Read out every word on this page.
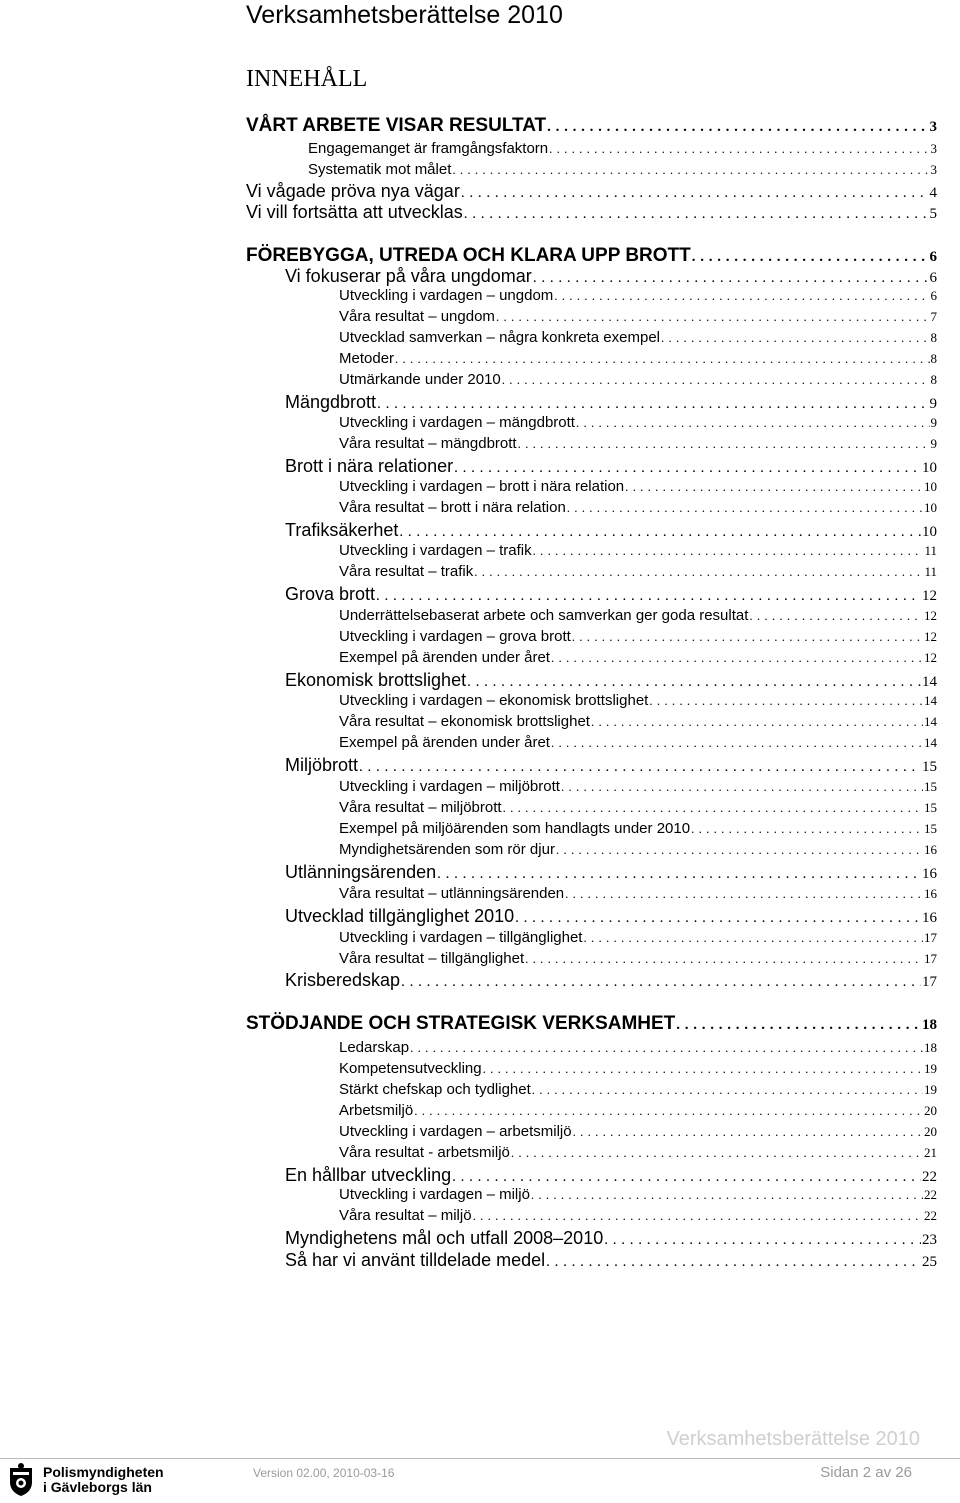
Verksamhetsberättelse 2010
INNEHÅLL
VÅRT ARBETE VISAR RESULTAT . . .	3
Engagemanget är framgångsfaktorn . . .	3
Systematik mot målet . . .	3
Vi vågade pröva nya vägar . . .	4
Vi vill fortsätta att utvecklas . . .	5
FÖREBYGGA, UTREDA OCH KLARA UPP BROTT . . .	6
Vi fokuserar på våra ungdomar . . .	6
Utveckling i vardagen – ungdom . . .	6
Våra resultat – ungdom . . .	7
Utvecklad samverkan – några konkreta exempel . . .	8
Metoder . . .	8
Utmärkande under 2010 . . .	8
Mängdbrott . . .	9
Utveckling i vardagen – mängdbrott . . .	9
Våra resultat – mängdbrott . . .	9
Brott i nära relationer . . .	10
Utveckling i vardagen – brott i nära relation . . .	10
Våra resultat – brott i nära relation . . .	10
Trafiksäkerhet . . .	10
Utveckling i vardagen – trafik . . .	11
Våra resultat – trafik . . .	11
Grova brott . . .	12
Underrättelsebaserat arbete och samverkan ger goda resultat . . .	12
Utveckling i vardagen – grova brott . . .	12
Exempel på ärenden under året . . .	12
Ekonomisk brottslighet . . .	14
Utveckling i vardagen – ekonomisk brottslighet . . .	14
Våra resultat – ekonomisk brottslighet . . .	14
Exempel på ärenden under året . . .	14
Miljöbrott . . .	15
Utveckling i vardagen – miljöbrott . . .	15
Våra resultat – miljöbrott . . .	15
Exempel på miljöärenden som handlagts under 2010 . . .	15
Myndighetsärenden som rör djur . . .	16
Utlänningsärenden . . .	16
Våra resultat – utlänningsärenden . . .	16
Utvecklad tillgänglighet 2010 . . .	16
Utveckling i vardagen – tillgänglighet . . .	17
Våra resultat – tillgänglighet . . .	17
Krisberedskap . . .	17
STÖDJANDE OCH STRATEGISK VERKSAMHET . . .	18
Ledarskap . . .	18
Kompetensutveckling . . .	19
Stärkt chefskap och tydlighet . . .	19
Arbetsmiljö . . .	20
Utveckling i vardagen – arbetsmiljö . . .	20
Våra resultat - arbetsmiljö . . .	21
En hållbar utveckling . . .	22
Utveckling i vardagen – miljö . . .	22
Våra resultat – miljö . . .	22
Myndighetens mål och utfall 2008–2010 . . .	23
Så har vi använt tilldelade medel . . .	25
Verksamhetsberättelse 2010
Polismyndigheten
i Gävleborgs län
Version 02.00, 2010-03-16	Sidan 2 av 26
